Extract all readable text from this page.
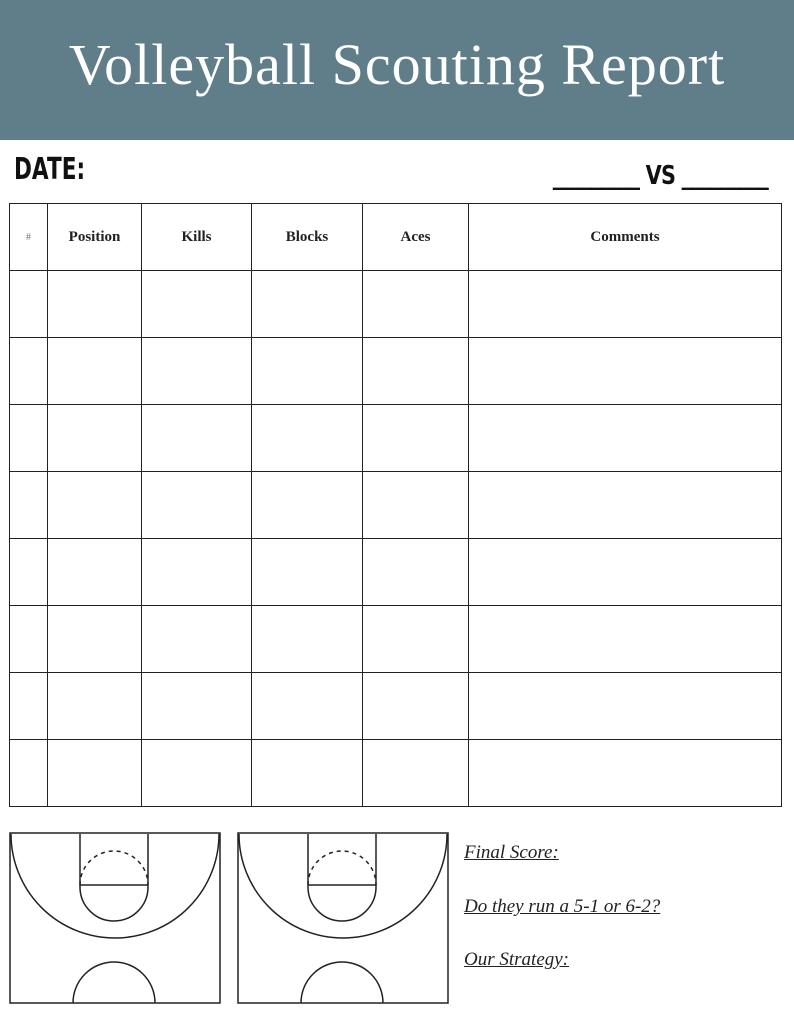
Volleyball Scouting Report
DATE:	_________ VS _________
#	Position	Kills	Blocks	Aces	Comments

Final Score:
Do they run a 5-1 or 6-2?
Our Strategy:
